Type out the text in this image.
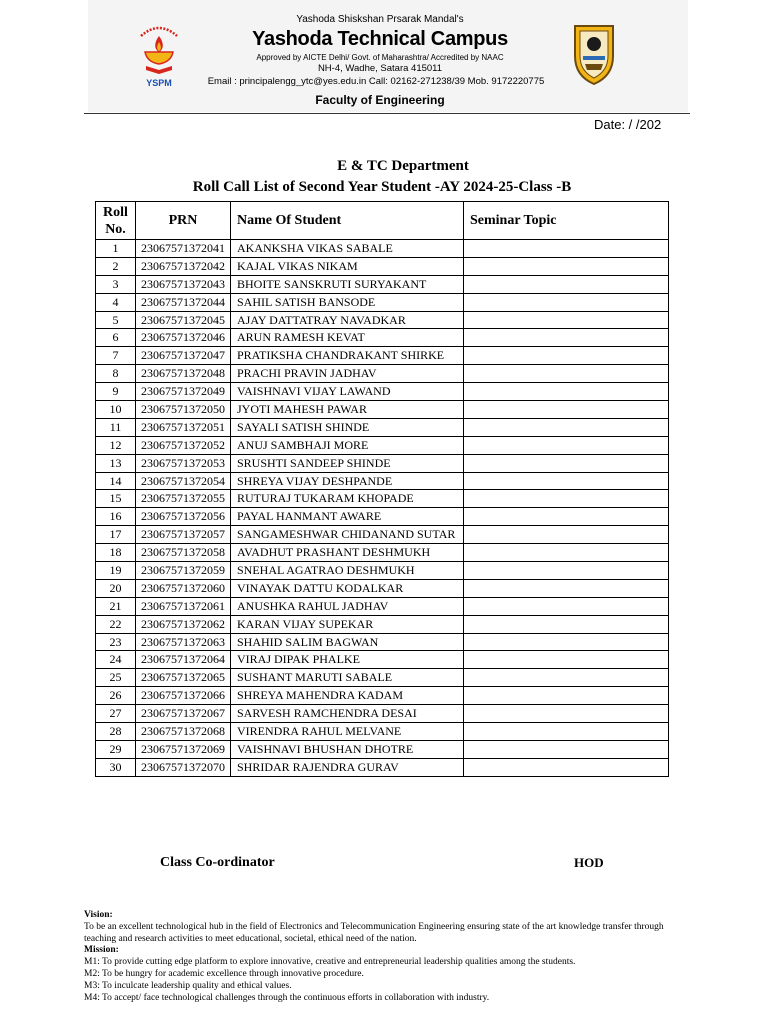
YSPM
Yashoda Shiskshan Prsarak Mandal's
Yashoda Technical Campus
Approved by AICTE Delhi/ Govt. of Maharashtra/ Accredited by NAAC
NH-4, Wadhe, Satara 415011
Email : principalengg_ytc@yes.edu.in Call: 02162-271238/39 Mob. 9172220775
Faculty of Engineering
Date: / /202
E & TC Department
Roll Call List of Second Year Student -AY 2024-25-Class -B
Roll
No.	PRN	Name Of Student	Seminar Topic
1	23067571372041	AKANKSHA VIKAS SABALE	
2	23067571372042	KAJAL VIKAS NIKAM	
3	23067571372043	BHOITE SANSKRUTI SURYAKANT	
4	23067571372044	SAHIL SATISH BANSODE	
5	23067571372045	AJAY DATTATRAY NAVADKAR	
6	23067571372046	ARUN RAMESH KEVAT	
7	23067571372047	PRATIKSHA CHANDRAKANT SHIRKE	
8	23067571372048	PRACHI PRAVIN JADHAV	
9	23067571372049	VAISHNAVI VIJAY LAWAND	
10	23067571372050	JYOTI MAHESH PAWAR	
11	23067571372051	SAYALI SATISH SHINDE	
12	23067571372052	ANUJ SAMBHAJI MORE	
13	23067571372053	SRUSHTI SANDEEP SHINDE	
14	23067571372054	SHREYA VIJAY DESHPANDE	
15	23067571372055	RUTURAJ TUKARAM KHOPADE	
16	23067571372056	PAYAL HANMANT AWARE	
17	23067571372057	SANGAMESHWAR CHIDANAND SUTAR	
18	23067571372058	AVADHUT PRASHANT DESHMUKH	
19	23067571372059	SNEHAL AGATRAO DESHMUKH	
20	23067571372060	VINAYAK DATTU KODALKAR	
21	23067571372061	ANUSHKA RAHUL JADHAV	
22	23067571372062	KARAN VIJAY SUPEKAR	
23	23067571372063	SHAHID SALIM BAGWAN	
24	23067571372064	VIRAJ DIPAK PHALKE	
25	23067571372065	SUSHANT MARUTI SABALE	
26	23067571372066	SHREYA MAHENDRA KADAM	
27	23067571372067	SARVESH RAMCHENDRA DESAI	
28	23067571372068	VIRENDRA RAHUL MELVANE	
29	23067571372069	VAISHNAVI BHUSHAN DHOTRE	
30	23067571372070	SHRIDAR RAJENDRA GURAV	
Class Co-ordinator	HOD
Vision:
To be an excellent technological hub in the field of Electronics and Telecommunication Engineering ensuring state of the art knowledge transfer through teaching and research activities to meet educational, societal, ethical need of the nation.
Mission:
M1: To provide cutting edge platform to explore innovative, creative and entrepreneurial leadership qualities among the students.
M2: To be hungry for academic excellence through innovative procedure.
M3: To inculcate leadership quality and ethical values.
M4: To accept/ face technological challenges through the continuous efforts in collaboration with industry.
